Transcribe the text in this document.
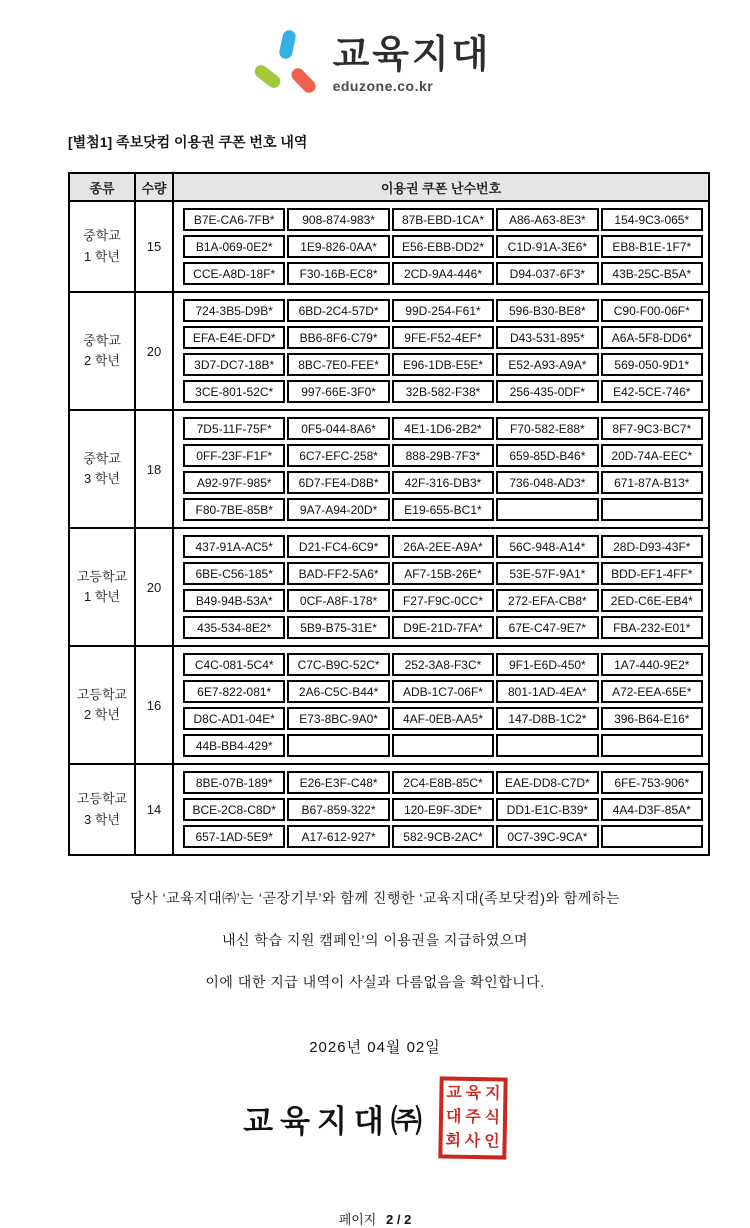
교육지대
eduzone.co.kr
[별첨1] 족보닷컴 이용권 쿠폰 번호 내역
종류	수량	이용권 쿠폰 난수번호

중학교
1 학년
	15	
B7E-CA6-7FB*	908-874-983*	87B-EBD-1CA*	A86-A63-8E3*	154-9C3-065*
B1A-069-0E2*	1E9-826-0AA*	E56-EBB-DD2*	C1D-91A-3E6*	EB8-B1E-1F7*
CCE-A8D-18F*	F30-16B-EC8*	2CD-9A4-446*	D94-037-6F3*	43B-25C-B5A*

중학교
2 학년
	20	
724-3B5-D9B*	6BD-2C4-57D*	99D-254-F61*	596-B30-BE8*	C90-F00-06F*
EFA-E4E-DFD*	BB6-8F6-C79*	9FE-F52-4EF*	D43-531-895*	A6A-5F8-DD6*
3D7-DC7-18B*	8BC-7E0-FEE*	E96-1DB-E5E*	E52-A93-A9A*	569-050-9D1*
3CE-801-52C*	997-66E-3F0*	32B-582-F38*	256-435-0DF*	E42-5CE-746*

중학교
3 학년
	18	
7D5-11F-75F*	0F5-044-8A6*	4E1-1D6-2B2*	F70-582-E88*	8F7-9C3-BC7*
0FF-23F-F1F*	6C7-EFC-258*	888-29B-7F3*	659-85D-B46*	20D-74A-EEC*
A92-97F-985*	6D7-FE4-D8B*	42F-316-DB3*	736-048-AD3*	671-87A-B13*
F80-7BE-85B*	9A7-A94-20D*	E19-655-BC1*		

고등학교
1 학년
	20	
437-91A-AC5*	D21-FC4-6C9*	26A-2EE-A9A*	56C-948-A14*	28D-D93-43F*
6BE-C56-185*	BAD-FF2-5A6*	AF7-15B-26E*	53E-57F-9A1*	BDD-EF1-4FF*
B49-94B-53A*	0CF-A8F-178*	F27-F9C-0CC*	272-EFA-CB8*	2ED-C6E-EB4*
435-534-8E2*	5B9-B75-31E*	D9E-21D-7FA*	67E-C47-9E7*	FBA-232-E01*

고등학교
2 학년
	16	
C4C-081-5C4*	C7C-B9C-52C*	252-3A8-F3C*	9F1-E6D-450*	1A7-440-9E2*
6E7-822-081*	2A6-C5C-B44*	ADB-1C7-06F*	801-1AD-4EA*	A72-EEA-65E*
D8C-AD1-04E*	E73-8BC-9A0*	4AF-0EB-AA5*	147-D8B-1C2*	396-B64-E16*
44B-BB4-429*				

고등학교
3 학년
	14	
8BE-07B-189*	E26-E3F-C48*	2C4-E8B-85C*	EAE-DD8-C7D*	6FE-753-906*
BCE-2C8-C8D*	B67-859-322*	120-E9F-3DE*	DD1-E1C-B39*	4A4-D3F-85A*
657-1AD-5E9*	A17-612-927*	582-9CB-2AC*	0C7-39C-9CA*	
당사 ‘교육지대㈜’는 ‘곧장기부’와 함께 진행한 ‘교육지대(족보닷컴)와 함께하는
내신 학습 지원 캠페인’의 이용권을 지급하였으며
이에 대한 지급 내역이 사실과 다름없음을 확인합니다.
2026년 04월 02일
교육지대㈜
교 육 지
대 주 식
회 사 인
페이지 2 / 2
